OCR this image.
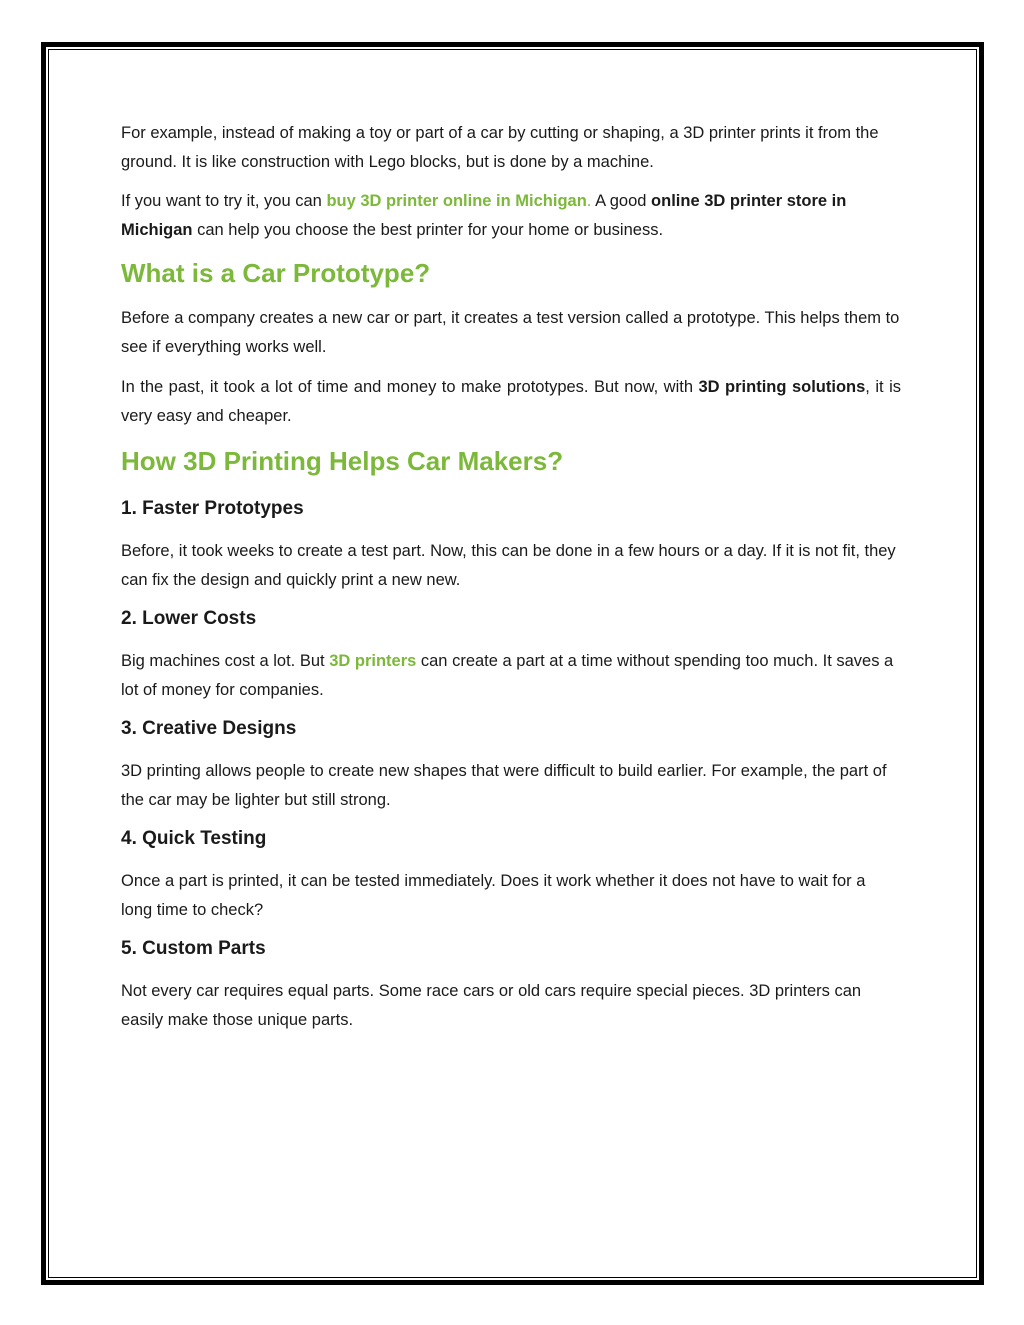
For example, instead of making a toy or part of a car by cutting or shaping, a 3D printer prints it from the ground. It is like construction with Lego blocks, but is done by a machine.

If you want to try it, you can buy 3D printer online in Michigan. A good online 3D printer store in Michigan can help you choose the best printer for your home or business.

What is a Car Prototype?

Before a company creates a new car or part, it creates a test version called a prototype. This helps them to see if everything works well.

In the past, it took a lot of time and money to make prototypes. But now, with 3D printing solutions, it is very easy and cheaper.

How 3D Printing Helps Car Makers?
1. Faster Prototypes

Before, it took weeks to create a test part. Now, this can be done in a few hours or a day. If it is not fit, they can fix the design and quickly print a new new.

2. Lower Costs

Big machines cost a lot. But 3D printers can create a part at a time without spending too much. It saves a lot of money for companies.

3. Creative Designs

3D printing allows people to create new shapes that were difficult to build earlier. For example, the part of the car may be lighter but still strong.

4. Quick Testing

Once a part is printed, it can be tested immediately. Does it work whether it does not have to wait for a long time to check?

5. Custom Parts

Not every car requires equal parts. Some race cars or old cars require special pieces. 3D printers can easily make those unique parts.
